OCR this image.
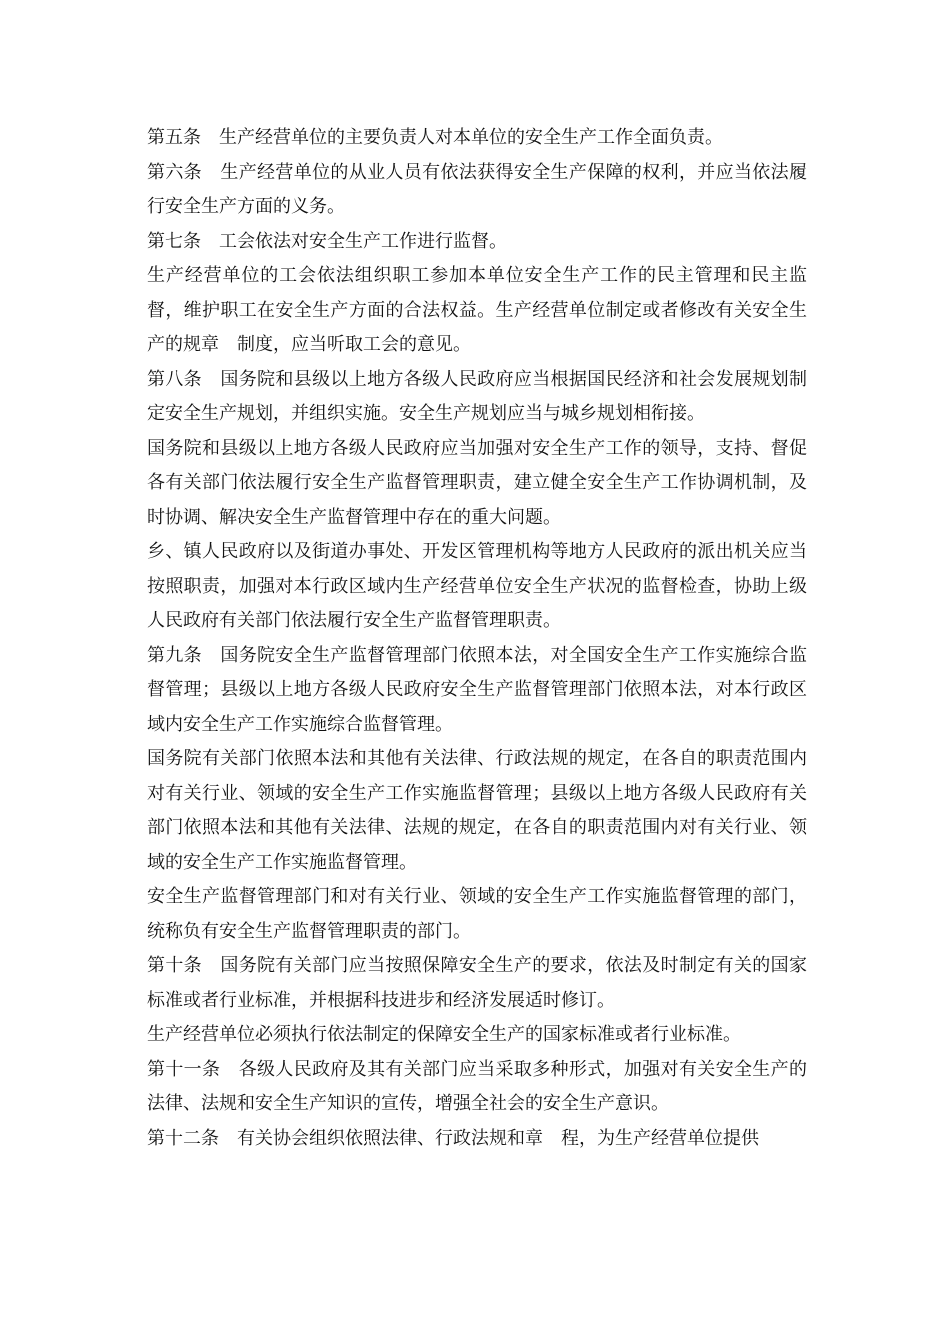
第五条　生产经营单位的主要负责人对本单位的安全生产工作全面负责。

第六条　生产经营单位的从业人员有依法获得安全生产保障的权利，并应当依法履行安全生产方面的义务。

第七条　工会依法对安全生产工作进行监督。

生产经营单位的工会依法组织职工参加本单位安全生产工作的民主管理和民主监督，维护职工在安全生产方面的合法权益。生产经营单位制定或者修改有关安全生产的规章　制度，应当听取工会的意见。

第八条　国务院和县级以上地方各级人民政府应当根据国民经济和社会发展规划制定安全生产规划，并组织实施。安全生产规划应当与城乡规划相衔接。

国务院和县级以上地方各级人民政府应当加强对安全生产工作的领导，支持、督促各有关部门依法履行安全生产监督管理职责，建立健全安全生产工作协调机制，及时协调、解决安全生产监督管理中存在的重大问题。

乡、镇人民政府以及街道办事处、开发区管理机构等地方人民政府的派出机关应当按照职责，加强对本行政区域内生产经营单位安全生产状况的监督检查，协助上级人民政府有关部门依法履行安全生产监督管理职责。

第九条　国务院安全生产监督管理部门依照本法，对全国安全生产工作实施综合监督管理；县级以上地方各级人民政府安全生产监督管理部门依照本法，对本行政区域内安全生产工作实施综合监督管理。

国务院有关部门依照本法和其他有关法律、行政法规的规定，在各自的职责范围内对有关行业、领域的安全生产工作实施监督管理；县级以上地方各级人民政府有关部门依照本法和其他有关法律、法规的规定，在各自的职责范围内对有关行业、领域的安全生产工作实施监督管理。

安全生产监督管理部门和对有关行业、领域的安全生产工作实施监督管理的部门，统称负有安全生产监督管理职责的部门。

第十条　国务院有关部门应当按照保障安全生产的要求，依法及时制定有关的国家标准或者行业标准，并根据科技进步和经济发展适时修订。

生产经营单位必须执行依法制定的保障安全生产的国家标准或者行业标准。

第十一条　各级人民政府及其有关部门应当采取多种形式，加强对有关安全生产的法律、法规和安全生产知识的宣传，增强全社会的安全生产意识。

第十二条　有关协会组织依照法律、行政法规和章　程，为生产经营单位提供
